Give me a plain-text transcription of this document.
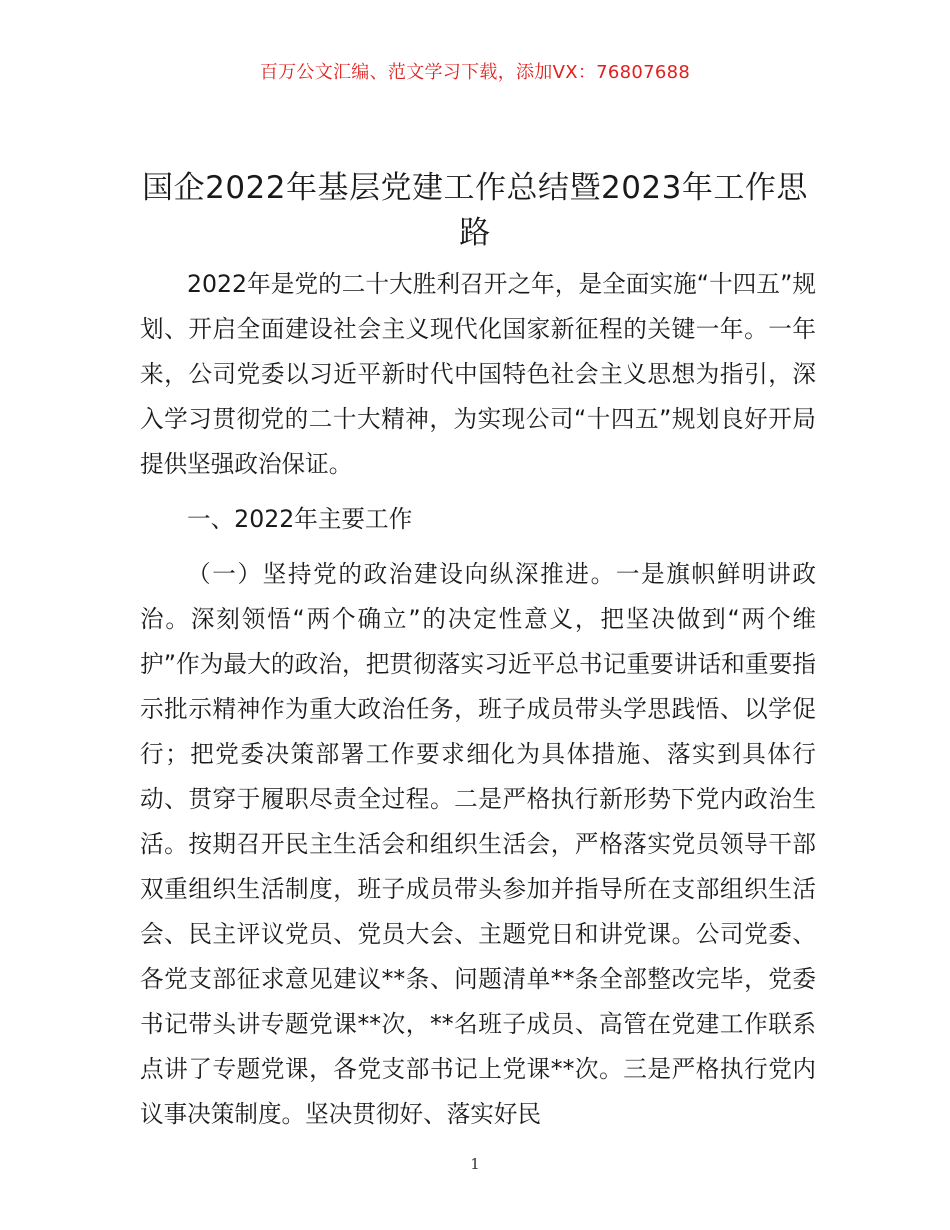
百万公文汇编、范文学习下载，添加VX：76807688
国企2022年基层党建工作总结暨2023年工作思路

2022年是党的二十大胜利召开之年，是全面实施“十四五”规划、开启全面建设社会主义现代化国家新征程的关键一年。一年来，公司党委以习近平新时代中国特色社会主义思想为指引，深入学习贯彻党的二十大精神，为实现公司“十四五”规划良好开局提供坚强政治保证。

一、2022年主要工作

（一）坚持党的政治建设向纵深推进。一是旗帜鲜明讲政治。深刻领悟“两个确立”的决定性意义，把坚决做到“两个维护”作为最大的政治，把贯彻落实习近平总书记重要讲话和重要指示批示精神作为重大政治任务，班子成员带头学思践悟、以学促行；把党委决策部署工作要求细化为具体措施、落实到具体行动、贯穿于履职尽责全过程。二是严格执行新形势下党内政治生活。按期召开民主生活会和组织生活会，严格落实党员领导干部双重组织生活制度，班子成员带头参加并指导所在支部组织生活会、民主评议党员、党员大会、主题党日和讲党课。公司党委、各党支部征求意见建议**条、问题清单**条全部整改完毕，党委书记带头讲专题党课**次，**名班子成员、高管在党建工作联系点讲了专题党课，各党支部书记上党课**次。三是严格执行党内议事决策制度。坚决贯彻好、落实好民

1
